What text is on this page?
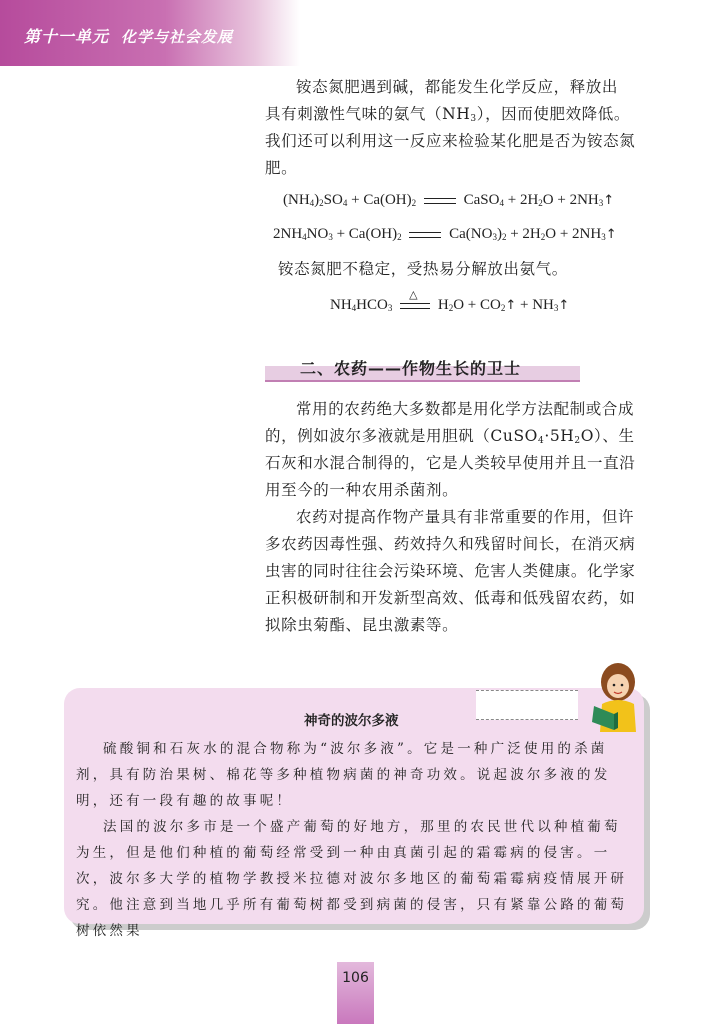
第十一单元 化学与社会发展
铵态氮肥遇到碱，都能发生化学反应，释放出
具有刺激性气味的氨气$(NH_3)$，因而使肥效降低。
我们还可以利用这一反应来检验某化肥是否为铵态氮
肥。
$(NH_4)_2SO_4 + Ca(OH)_2$	CaSO$_4$ + $2H_2O$ + $2NH_3↑$
$2NH_4NO_3 + Ca(OH)_2$	$Ca(NO_3)_2 + 2H_2O$ + $2NH_3↑$
铵态氮肥不稳定，受热易分解放出氨气。
$NH_4HCO_3$
△
$H_2O$ + $CO_2↑$ + $NH_3↑$
二、农药——作物生长的卫士
常用的农药绝大多数都是用化学方法配制或合成
的，例如波尔多液就是用胆矾$(CuSO_4\cdot 5H_2O)$、生
石灰和水混合制得的，它是人类较早使用并且一直沿
用至今的一种农用杀菌剂。
农药对提高作物产量具有非常重要的作用，但许多农药因毒性强、药效持久和残留时间长，在消灭病虫害的同时往往会污染环境、危害人类健康。化学家正积极研制和开发新型高效、低毒和低残留农药，如拟除虫菊酯、昆虫激素等。
神奇的波尔多液
硫酸铜和石灰水的混合物称为“波尔多液”。它是一种广泛使用的杀菌剂，具有防治果树、棉花等多种植物病菌的神奇功效。说起波尔多液的发明，还有一段有趣的故事呢！
法国的波尔多市是一个盛产葡萄的好地方，那里的农民世代以种植葡萄为生，但是他们种植的葡萄经常受到一种由真菌引起的霜霉病的侵害。一次，波尔多大学的植物学教授米拉德对波尔多地区的葡萄霜霉病疫情展开研究。他注意到当地几乎所有葡萄树都受到病菌的侵害，只有紧靠公路的葡萄树依然果
106
